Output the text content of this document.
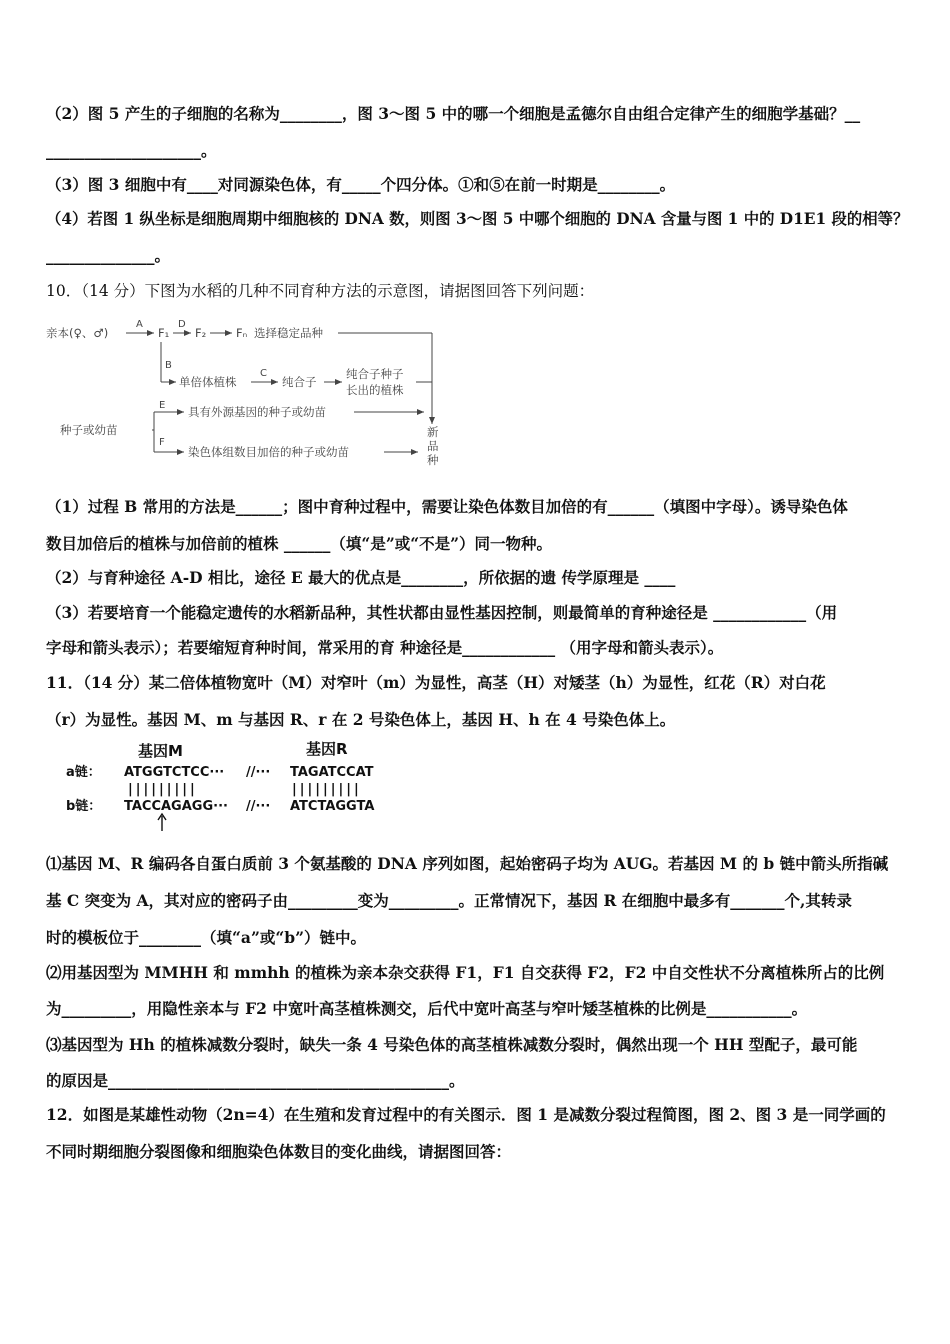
（2）图 5 产生的子细胞的名称为________，图 3～图 5 中的哪一个细胞是孟德尔自由组合定律产生的细胞学基础？__
____________________。
（3）图 3 细胞中有____对同源染色体，有_____个四分体。①和⑤在前一时期是________。
（4）若图 1 纵坐标是细胞周期中细胞核的 DNA 数，则图 3～图 5 中哪个细胞的 DNA 含量与图 1 中的 D1E1 段的相等？
______________。
10．（14 分）下图为水稻的几种不同育种方法的示意图，请据图回答下列问题：
亲本(♀、♂)
A
F₁
D
F₂	Fₙ 选择稳定品种
B
单倍体植株
C
纯合子
纯合子种子
长出的植株
种子或幼苗
E 具有外源基因的种子或幼苗
F
染色体组数目加倍的种子或幼苗
新
品
种
（1）过程 B 常用的方法是______；图中育种过程中，需要让染色体数目加倍的有______（填图中字母）。诱导染色体
数目加倍后的植株与加倍前的植株 ______（填“是”或“不是”）同一物种。
（2）与育种途径 A-D 相比，途径 E 最大的优点是________，所依据的遗 传学原理是 ____
（3）若要培育一个能稳定遗传的水稻新品种，其性状都由显性基因控制，则最简单的育种途径是 ____________（用
字母和箭头表示）；若要缩短育种时间，常采用的育 种途径是____________ （用字母和箭头表示）。
11．（14 分）某二倍体植物宽叶（M）对窄叶（m）为显性，高茎（H）对矮茎（h）为显性，红花（R）对白花
（r）为显性。基因 M、m 与基因 R、r 在 2 号染色体上，基因 H、h 在 4 号染色体上。
基因M	基因R
a链： ATGGTCTCC··· //··· TAGATCCAT
|||||||||	|||||||||
b链： TACCAGAGG··· //··· ATCTAGGTA
⑴基因 M、R 编码各自蛋白质前 3 个氨基酸的 DNA 序列如图，起始密码子均为 AUG。若基因 M 的 b 链中箭头所指碱
基 C 突变为 A，其对应的密码子由_________变为_________。正常情况下，基因 R 在细胞中最多有_______个,其转录
时的模板位于________（填“a”或“b”）链中。
⑵用基因型为 MMHH 和 mmhh 的植株为亲本杂交获得 F1，F1 自交获得 F2，F2 中自交性状不分离植株所占的比例
为_________，用隐性亲本与 F2 中宽叶高茎植株测交，后代中宽叶高茎与窄叶矮茎植株的比例是___________。
⑶基因型为 Hh 的植株减数分裂时，缺失一条 4 号染色体的高茎植株减数分裂时，偶然出现一个 HH 型配子，最可能
的原因是____________________________________________。
12．如图是某雄性动物（2n=4）在生殖和发育过程中的有关图示．图 1 是减数分裂过程简图，图 2、图 3 是一同学画的
不同时期细胞分裂图像和细胞染色体数目的变化曲线，请据图回答：
